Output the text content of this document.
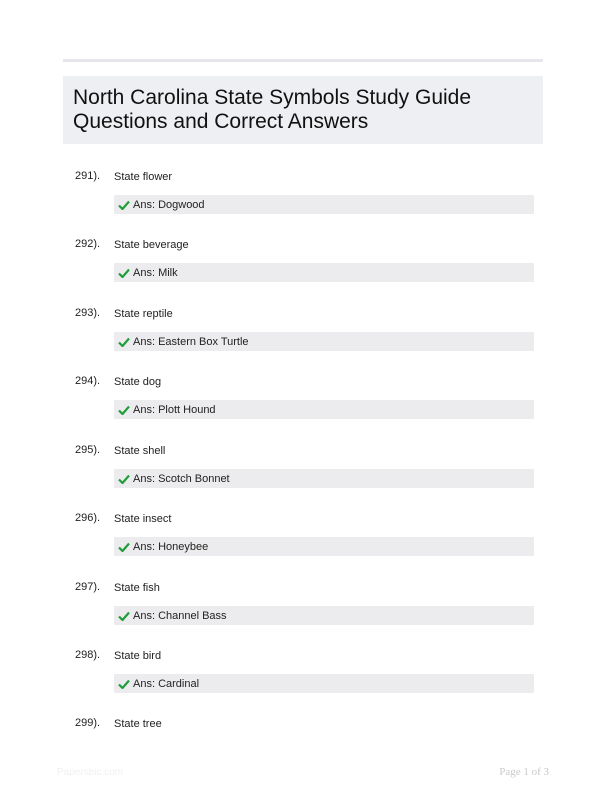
North Carolina State Symbols Study Guide
Questions and Correct Answers
291). State flower
Ans: Dogwood
292). State beverage
Ans: Milk
293). State reptile
Ans: Eastern Box Turtle
294). State dog
Ans: Plott Hound
295). State shell
Ans: Scotch Bonnet
296). State insect
Ans: Honeybee
297). State fish
Ans: Channel Bass
298). State bird
Ans: Cardinal
299). State tree
Papersbic.com	Page 1 of 3
